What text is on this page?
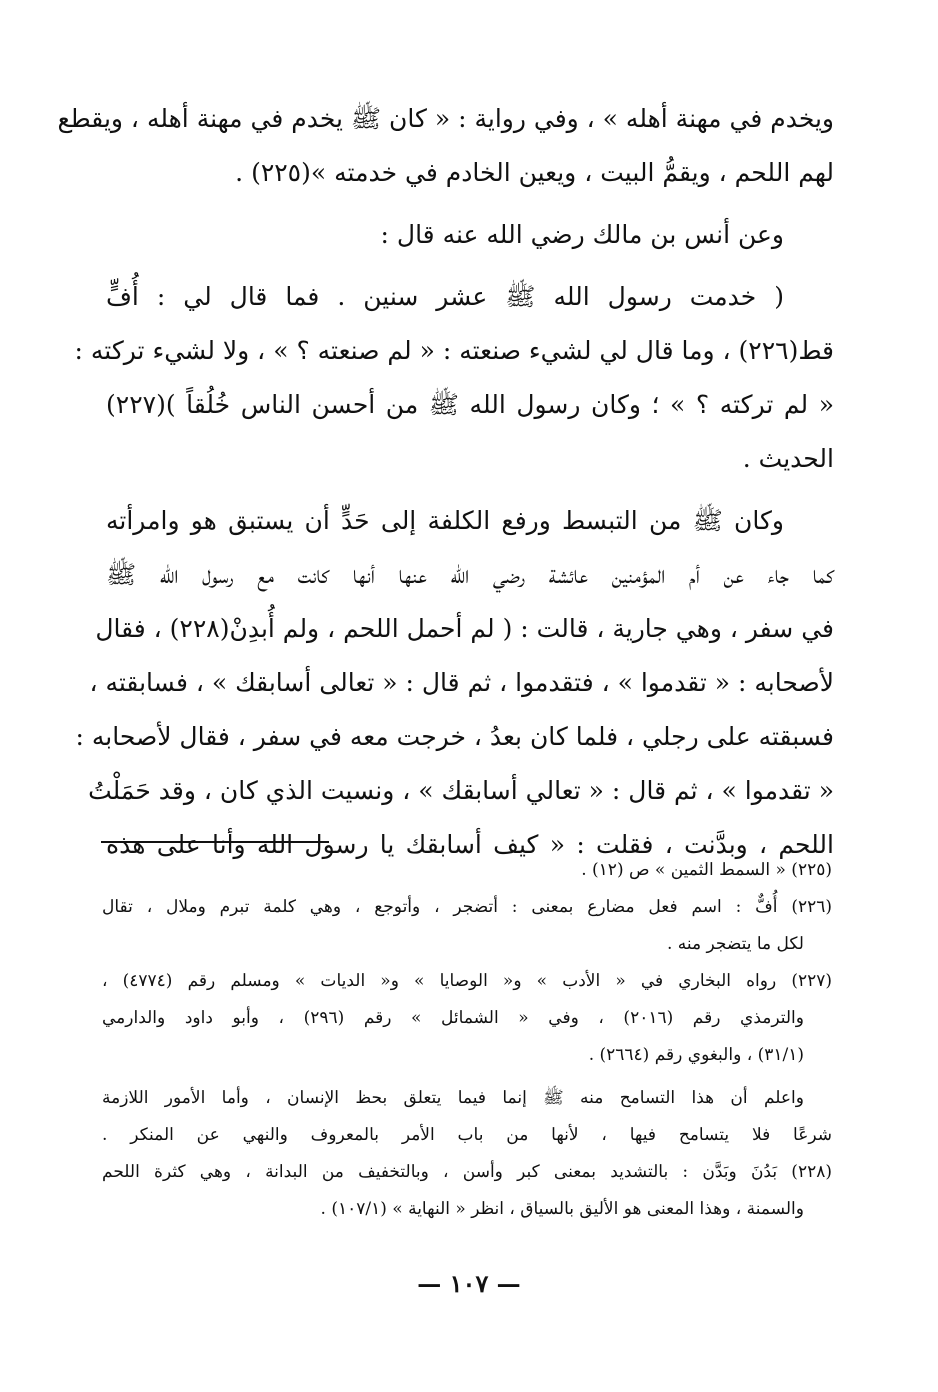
ويخدم في مهنة أهله » ، وفي رواية : « كان ﷺ يخدم في مهنة أهله ، ويقطع
لهم اللحم ، ويقمُّ البيت ، ويعين الخادم في خدمته »(٢٢٥) .
وعن أنس بن مالك رضي الله عنه قال :
( خدمت رسول الله ﷺ عشر سنين . فما قال لي : أُفٍّ
قط(٢٢٦) ، وما قال لي لشيء صنعته : « لم صنعته ؟ » ، ولا لشيء تركته :
« لم تركته ؟ » ؛ وكان رسول الله ﷺ من أحسن الناس خُلُقاً )(٢٢٧)
الحديث .
وكان ﷺ من التبسط ورفع الكلفة إلى حَدٍّ أن يستبق هو وامرأته
كما جاء عن أم المؤمنين عائشة رضي الله عنها أنها كانت مع رسول الله ﷺ
في سفر ، وهي جارية ، قالت : ( لم أحمل اللحم ، ولم أُبدِنْ(٢٢٨) ، فقال
لأصحابه : « تقدموا » ، فتقدموا ، ثم قال : « تعالى أسابقك » ، فسابقته ،
فسبقته على رجلي ، فلما كان بعدُ ، خرجت معه في سفر ، فقال لأصحابه :
« تقدموا » ، ثم قال : « تعالي أسابقك » ، ونسيت الذي كان ، وقد حَمَلْتُ
اللحم ، وبدَّنت ، فقلت : « كيف أسابقك يا رسول الله وأنا على هذه
(٢٢٥) « السمط الثمين » ص (١٢) .
(٢٢٦) أُفٌّ : اسم فعل مضارع بمعنى : أتضجر ، وأتوجع ، وهي كلمة تبرم وملال ، تقال
لكل ما يتضجر منه .
(٢٢٧) رواه البخاري في « الأدب » و« الوصايا » و« الديات » ومسلم رقم (٤٧٧٤) ،
والترمذي رقم (٢٠١٦) ، وفي « الشمائل » رقم (٢٩٦) ، وأبو داود والدارمي
(٣١/١) ، والبغوي رقم (٢٦٦٤) .
واعلم أن هذا التسامح منه ﷺ إنما فيما يتعلق بحظ الإنسان ، وأما الأمور اللازمة
شرعًا فلا يتسامح فيها ، لأنها من باب الأمر بالمعروف والنهي عن المنكر .
(٢٢٨) بَدُنَ وبَدَّن : بالتشديد بمعنى كبر وأسن ، وبالتخفيف من البدانة ، وهي كثرة اللحم
والسمنة ، وهذا المعنى هو الأليق بالسياق ، انظر « النهاية » (١٠٧/١) .
— ١٠٧ —
